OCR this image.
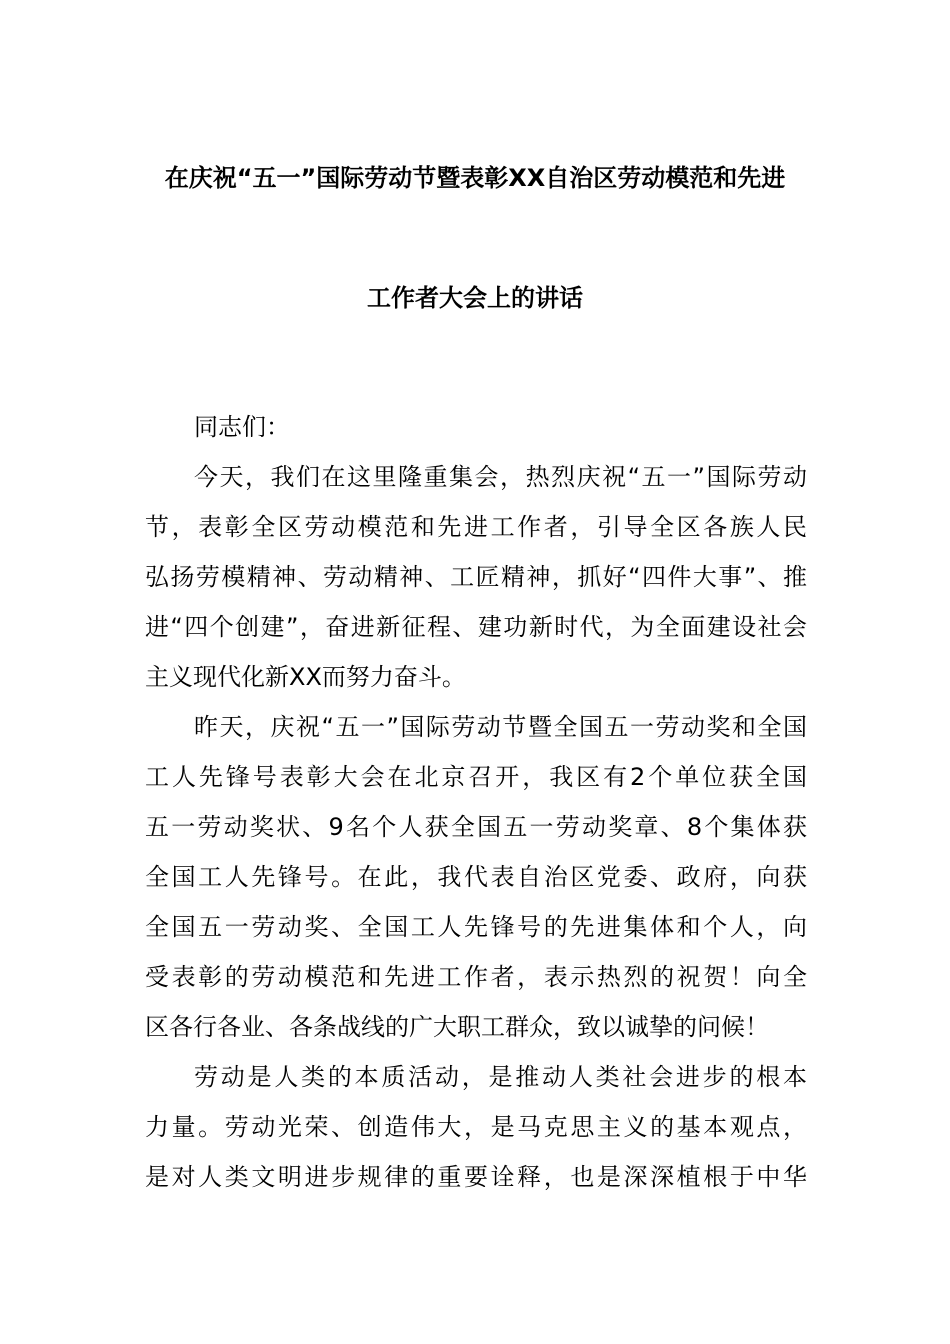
在庆祝“五一”国际劳动节暨表彰XX自治区劳动模范和先进
工作者大会上的讲话
同志们：
今天，我们在这里隆重集会，热烈庆祝“五一”国际劳动
节，表彰全区劳动模范和先进工作者，引导全区各族人民
弘扬劳模精神、劳动精神、工匠精神，抓好“四件大事”、推
进“四个创建”，奋进新征程、建功新时代，为全面建设社会
主义现代化新XX而努力奋斗。
昨天，庆祝“五一”国际劳动节暨全国五一劳动奖和全国
工人先锋号表彰大会在北京召开，我区有2个单位获全国
五一劳动奖状、9名个人获全国五一劳动奖章、8个集体获
全国工人先锋号。在此，我代表自治区党委、政府，向获
全国五一劳动奖、全国工人先锋号的先进集体和个人，向
受表彰的劳动模范和先进工作者，表示热烈的祝贺！向全
区各行各业、各条战线的广大职工群众，致以诚挚的问候！
劳动是人类的本质活动，是推动人类社会进步的根本
力量。劳动光荣、创造伟大，是马克思主义的基本观点，
是对人类文明进步规律的重要诠释，也是深深植根于中华
